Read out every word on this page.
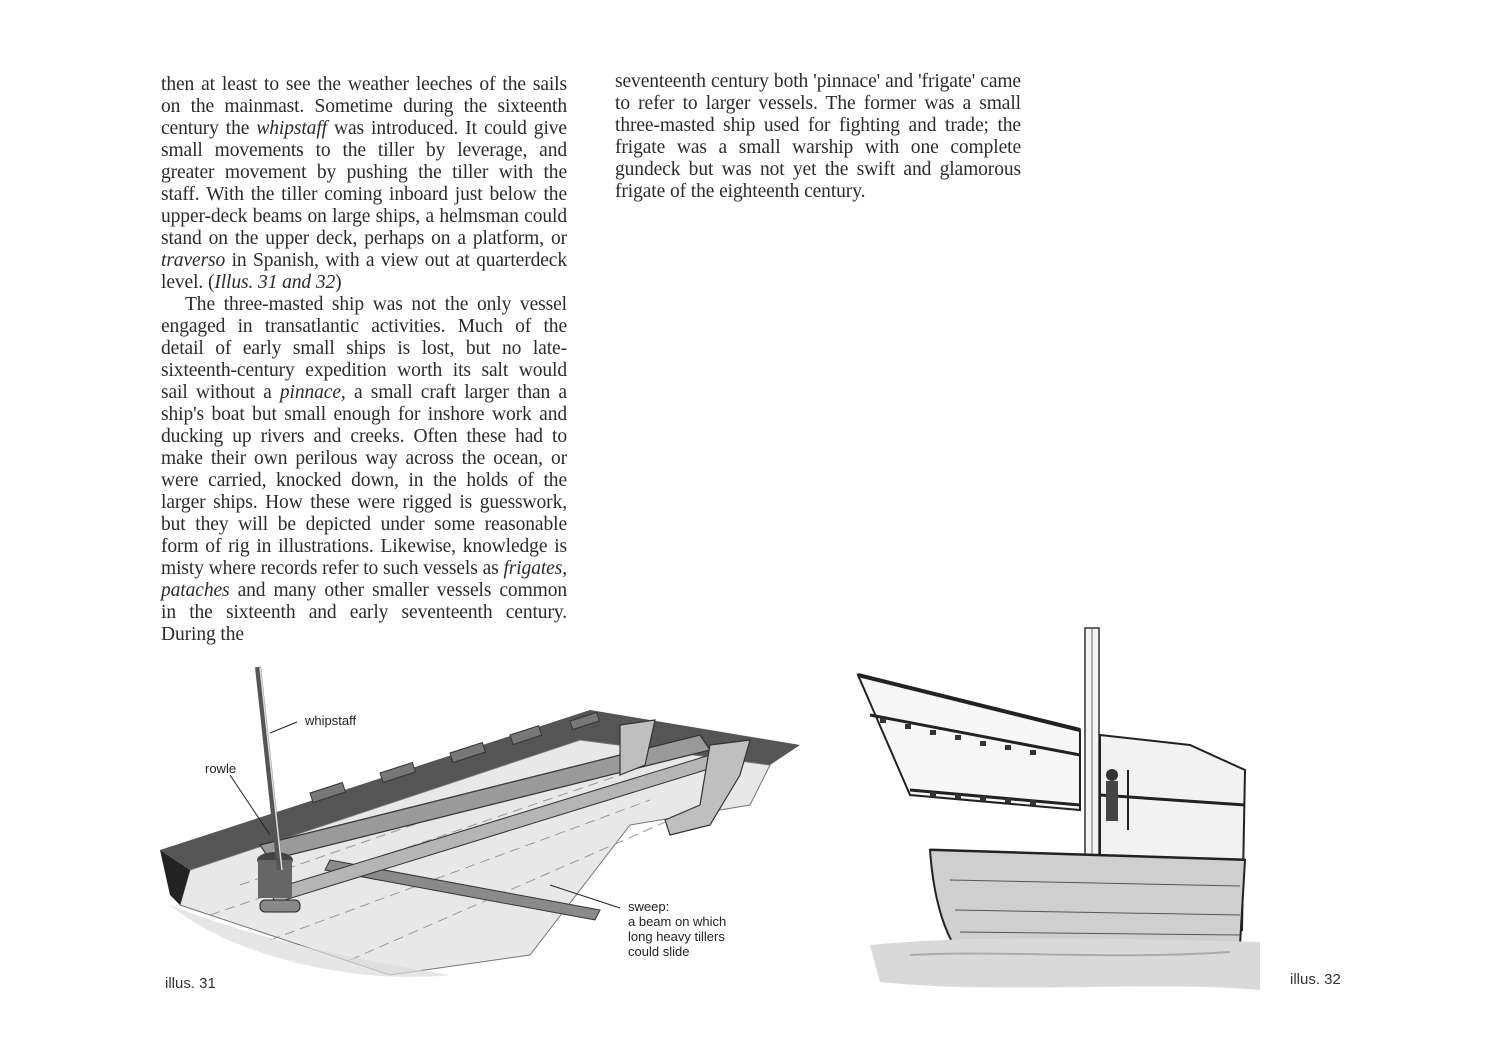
then at least to see the weather leeches of the sails on the mainmast. Sometime during the sixteenth century the whipstaff was introduced. It could give small movements to the tiller by leverage, and greater movement by pushing the tiller with the staff. With the tiller coming inboard just below the upper-deck beams on large ships, a helmsman could stand on the upper deck, perhaps on a platform, or traverso in Spanish, with a view out at quarterdeck level. (Illus. 31 and 32)

The three-masted ship was not the only vessel engaged in transatlantic activities. Much of the detail of early small ships is lost, but no late-sixteenth-century expedition worth its salt would sail without a pinnace, a small craft larger than a ship's boat but small enough for inshore work and ducking up rivers and creeks. Often these had to make their own perilous way across the ocean, or were carried, knocked down, in the holds of the larger ships. How these were rigged is guesswork, but they will be depicted under some reasonable form of rig in illustrations. Likewise, knowledge is misty where records refer to such vessels as frigates, pataches and many other smaller vessels common in the sixteenth and early seventeenth century. During the

seventeenth century both 'pinnace' and 'frigate' came to refer to larger vessels. The former was a small three-masted ship used for fighting and trade; the frigate was a small warship with one complete gundeck but was not yet the swift and glamorous frigate of the eighteenth century.

whipstaff
rowle
sweep:
a beam on which
long heavy tillers
could slide
illus. 31	illus. 32
